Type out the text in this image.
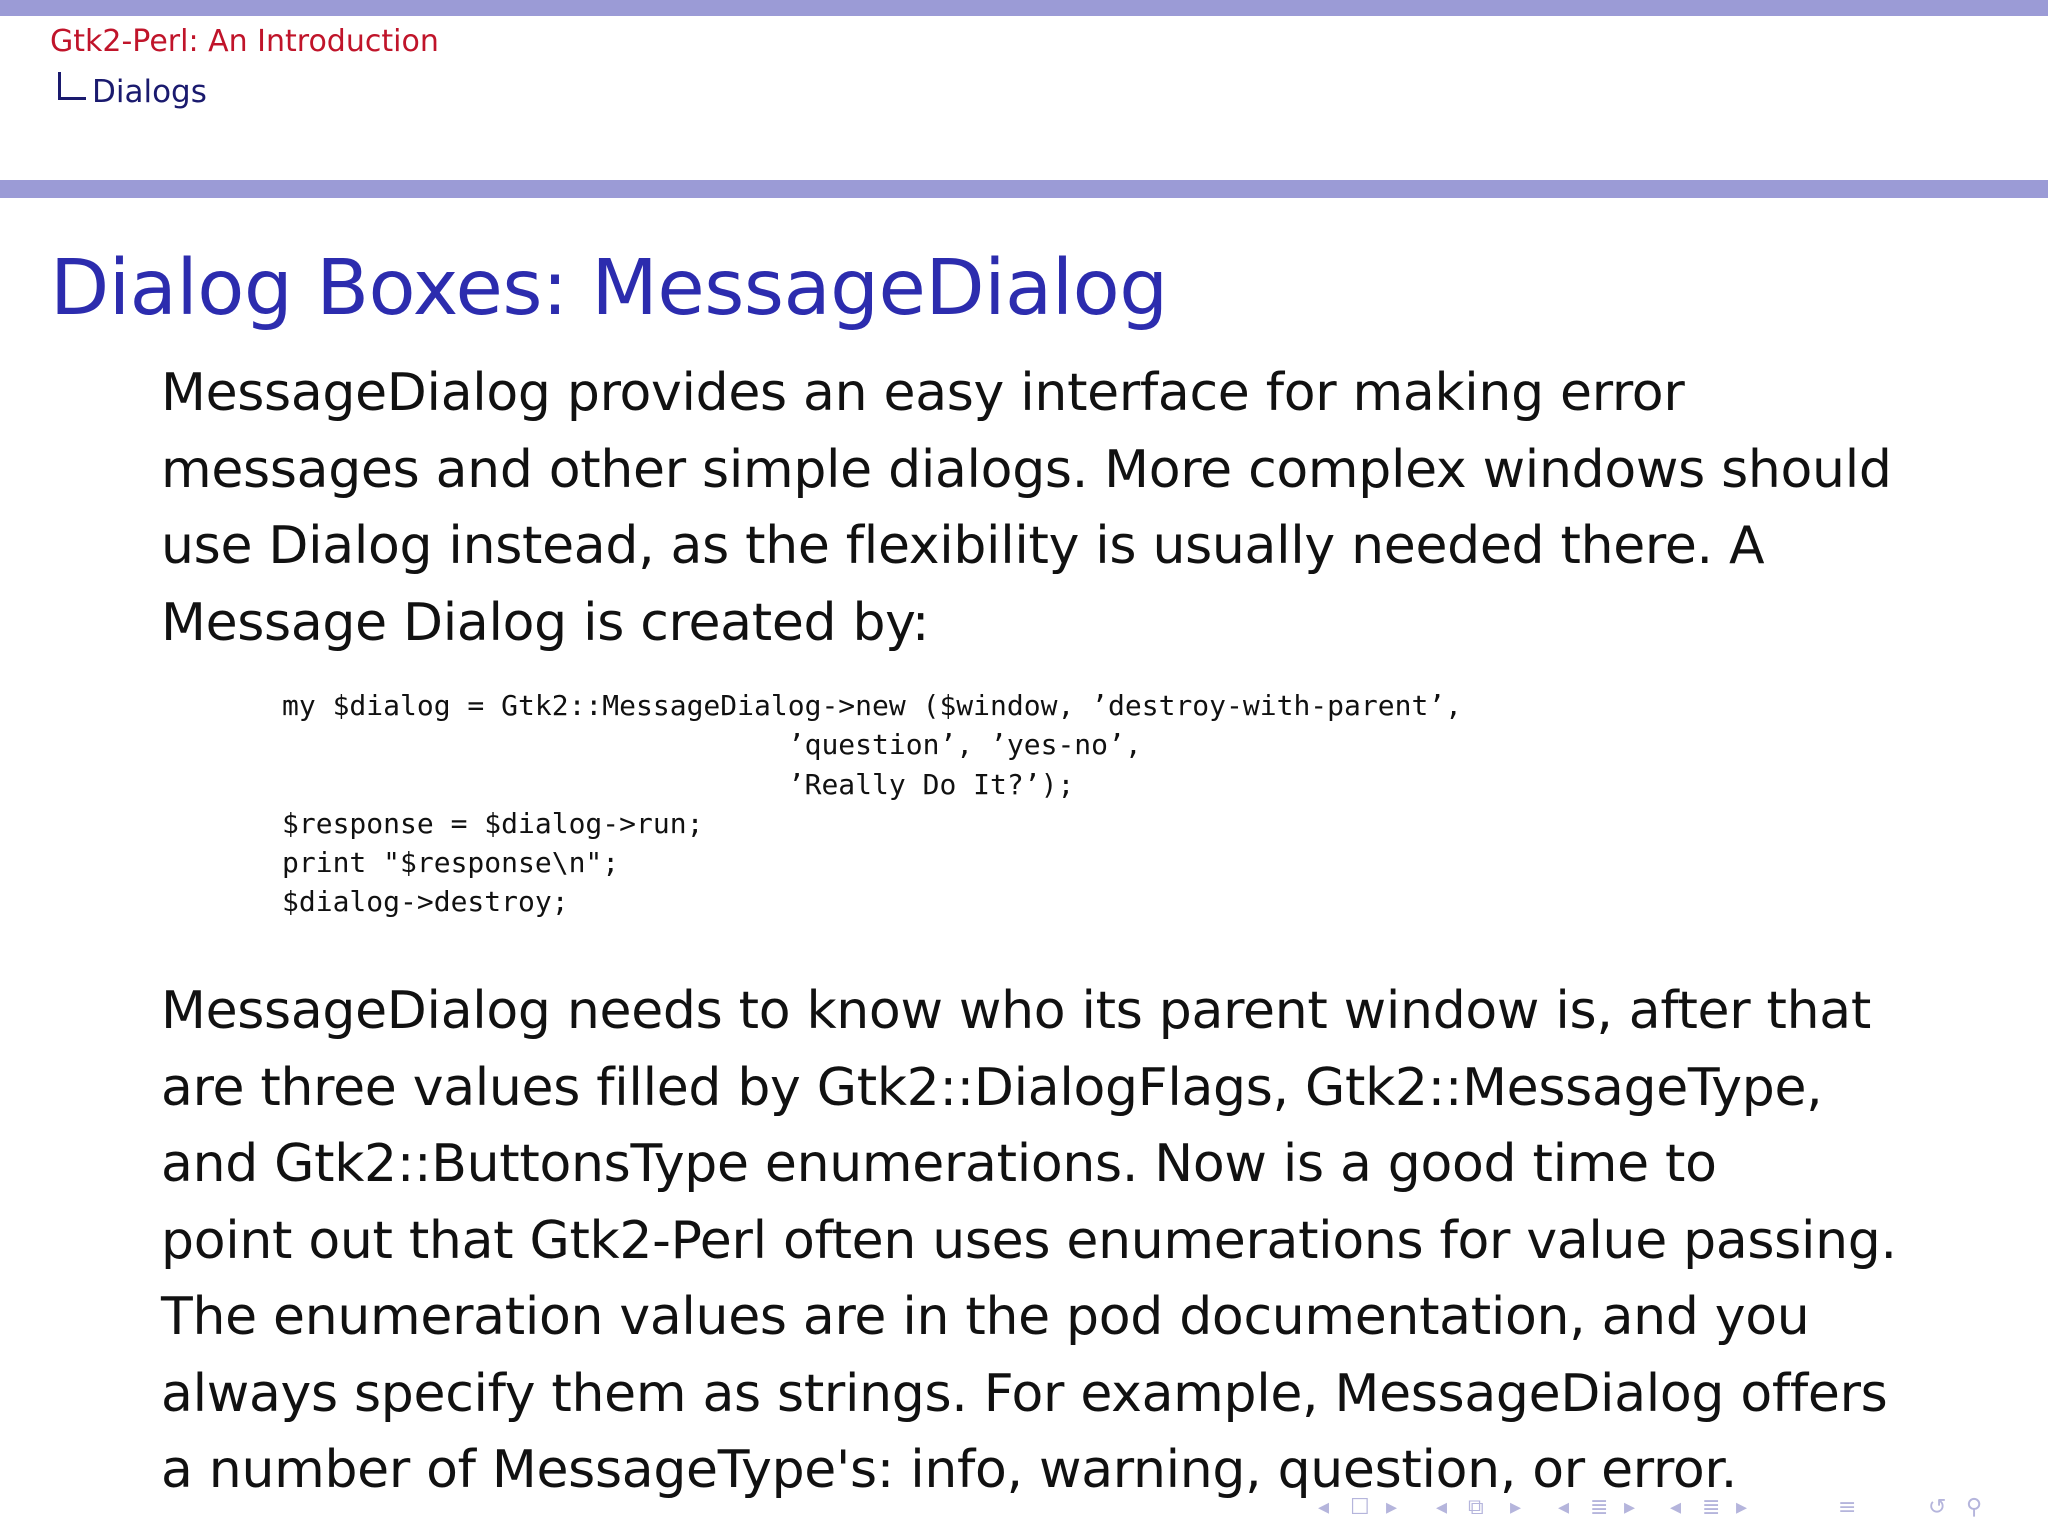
Gtk2-Perl: An Introduction
Dialogs
Dialog Boxes: MessageDialog
MessageDialog provides an easy interface for making error
messages and other simple dialogs. More complex windows should
use Dialog instead, as the flexibility is usually needed there. A
Message Dialog is created by:
my $dialog = Gtk2::MessageDialog->new ($window, ’destroy-with-parent’,
’question’, ’yes-no’,
’Really Do It?’);
$response = $dialog->run;
print "$response\n";
$dialog->destroy;
MessageDialog needs to know who its parent window is, after that
are three values filled by Gtk2::DialogFlags, Gtk2::MessageType,
and Gtk2::ButtonsType enumerations. Now is a good time to
point out that Gtk2-Perl often uses enumerations for value passing.
The enumeration values are in the pod documentation, and you
always specify them as strings. For example, MessageDialog offers
a number of MessageType's: info, warning, question, or error.
◂ ☐ ▸ ◂ ⧉ ▸ ◂ ≣ ▸ ◂ ≣ ▸	≡	↺ ⚲
